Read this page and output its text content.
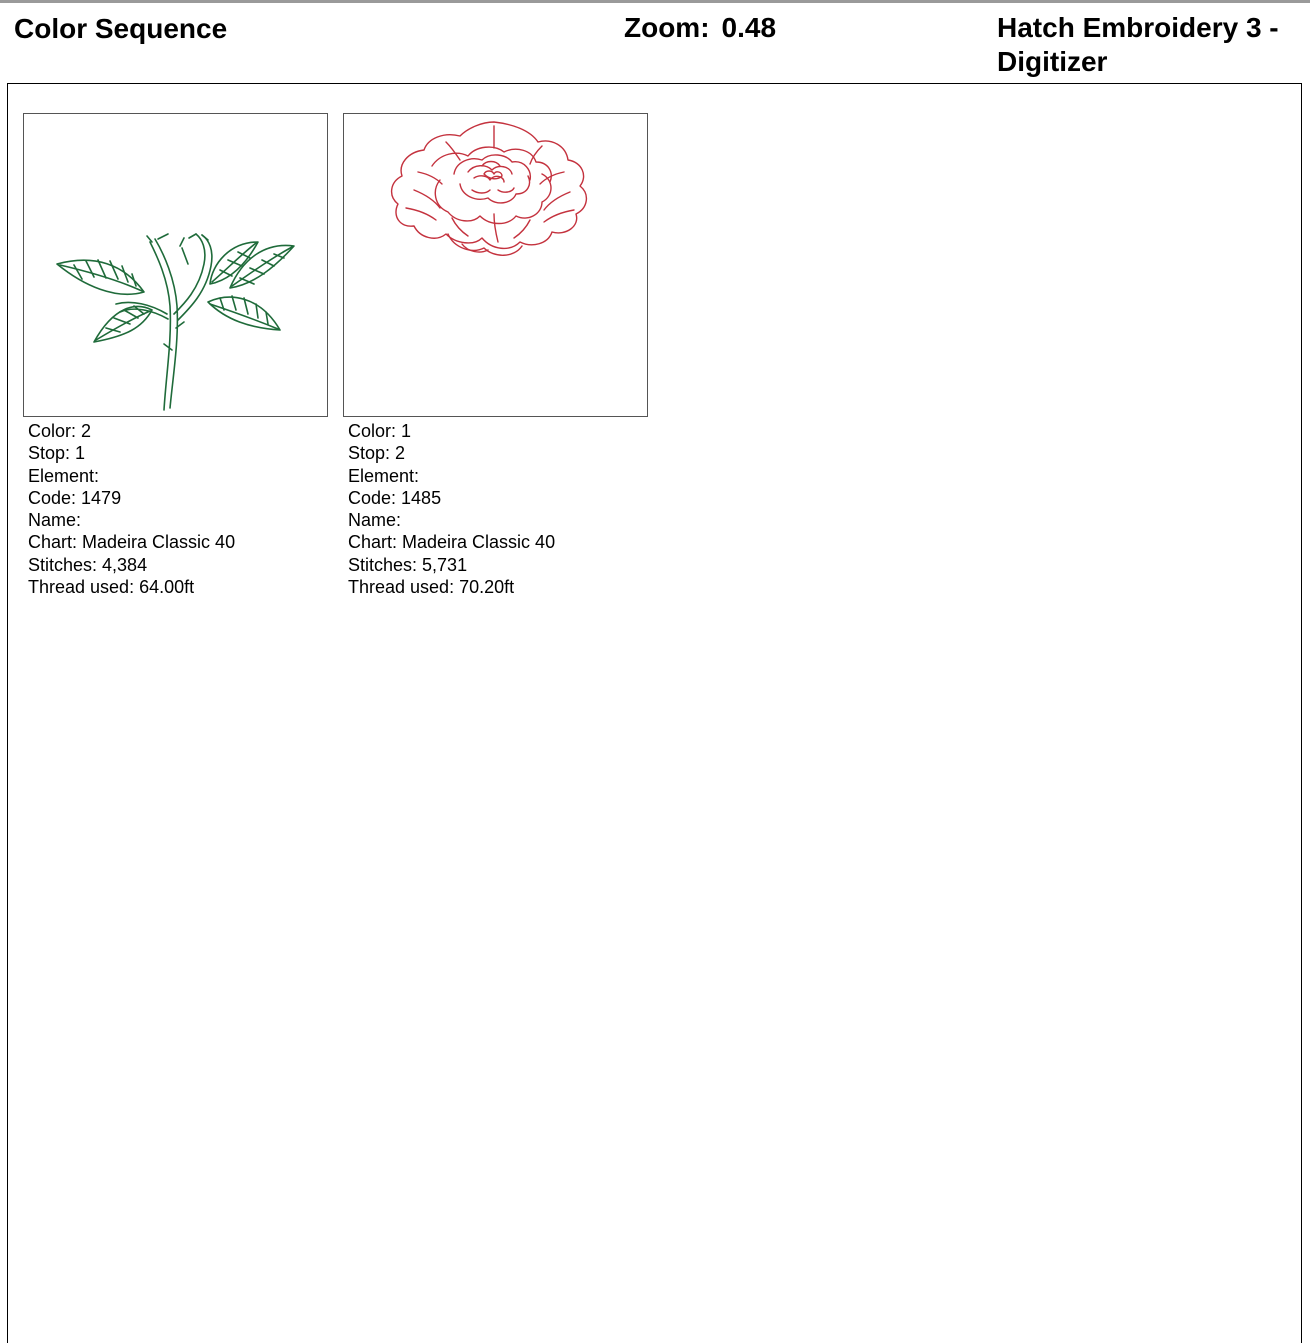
Color Sequence	Zoom: 0.48	Hatch Embroidery 3 - Digitizer
Color: 2
Stop: 1
Element:
Code: 1479
Name:
Chart: Madeira Classic 40
Stitches: 4,384
Thread used: 64.00ft
Color: 1
Stop: 2
Element:
Code: 1485
Name:
Chart: Madeira Classic 40
Stitches: 5,731
Thread used: 70.20ft
